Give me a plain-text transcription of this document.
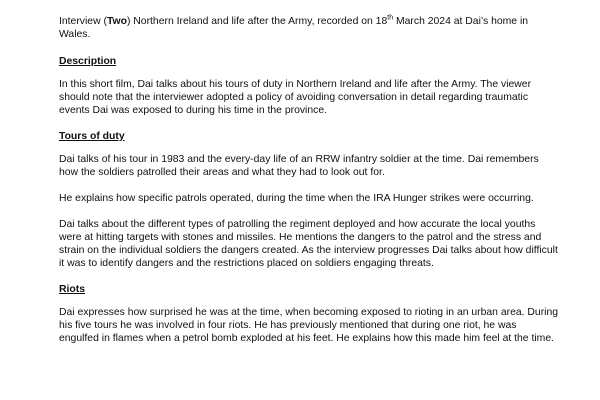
Interview (Two) Northern Ireland and life after the Army, recorded on 18th March 2024 at Dai’s home in Wales.

Description

In this short film, Dai talks about his tours of duty in Northern Ireland and life after the Army. The viewer should note that the interviewer adopted a policy of avoiding conversation in detail regarding traumatic events Dai was exposed to during his time in the province.

Tours of duty

Dai talks of his tour in 1983 and the every-day life of an RRW infantry soldier at the time. Dai remembers how the soldiers patrolled their areas and what they had to look out for.

He explains how specific patrols operated, during the time when the IRA Hunger strikes were occurring.

Dai talks about the different types of patrolling the regiment deployed and how accurate the local youths were at hitting targets with stones and missiles. He mentions the dangers to the patrol and the stress and strain on the individual soldiers the dangers created. As the interview progresses Dai talks about how difficult it was to identify dangers and the restrictions placed on soldiers engaging threats.

Riots

Dai expresses how surprised he was at the time, when becoming exposed to rioting in an urban area. During his five tours he was involved in four riots. He has previously mentioned that during one riot, he was engulfed in flames when a petrol bomb exploded at his feet. He explains how this made him feel at the time.
